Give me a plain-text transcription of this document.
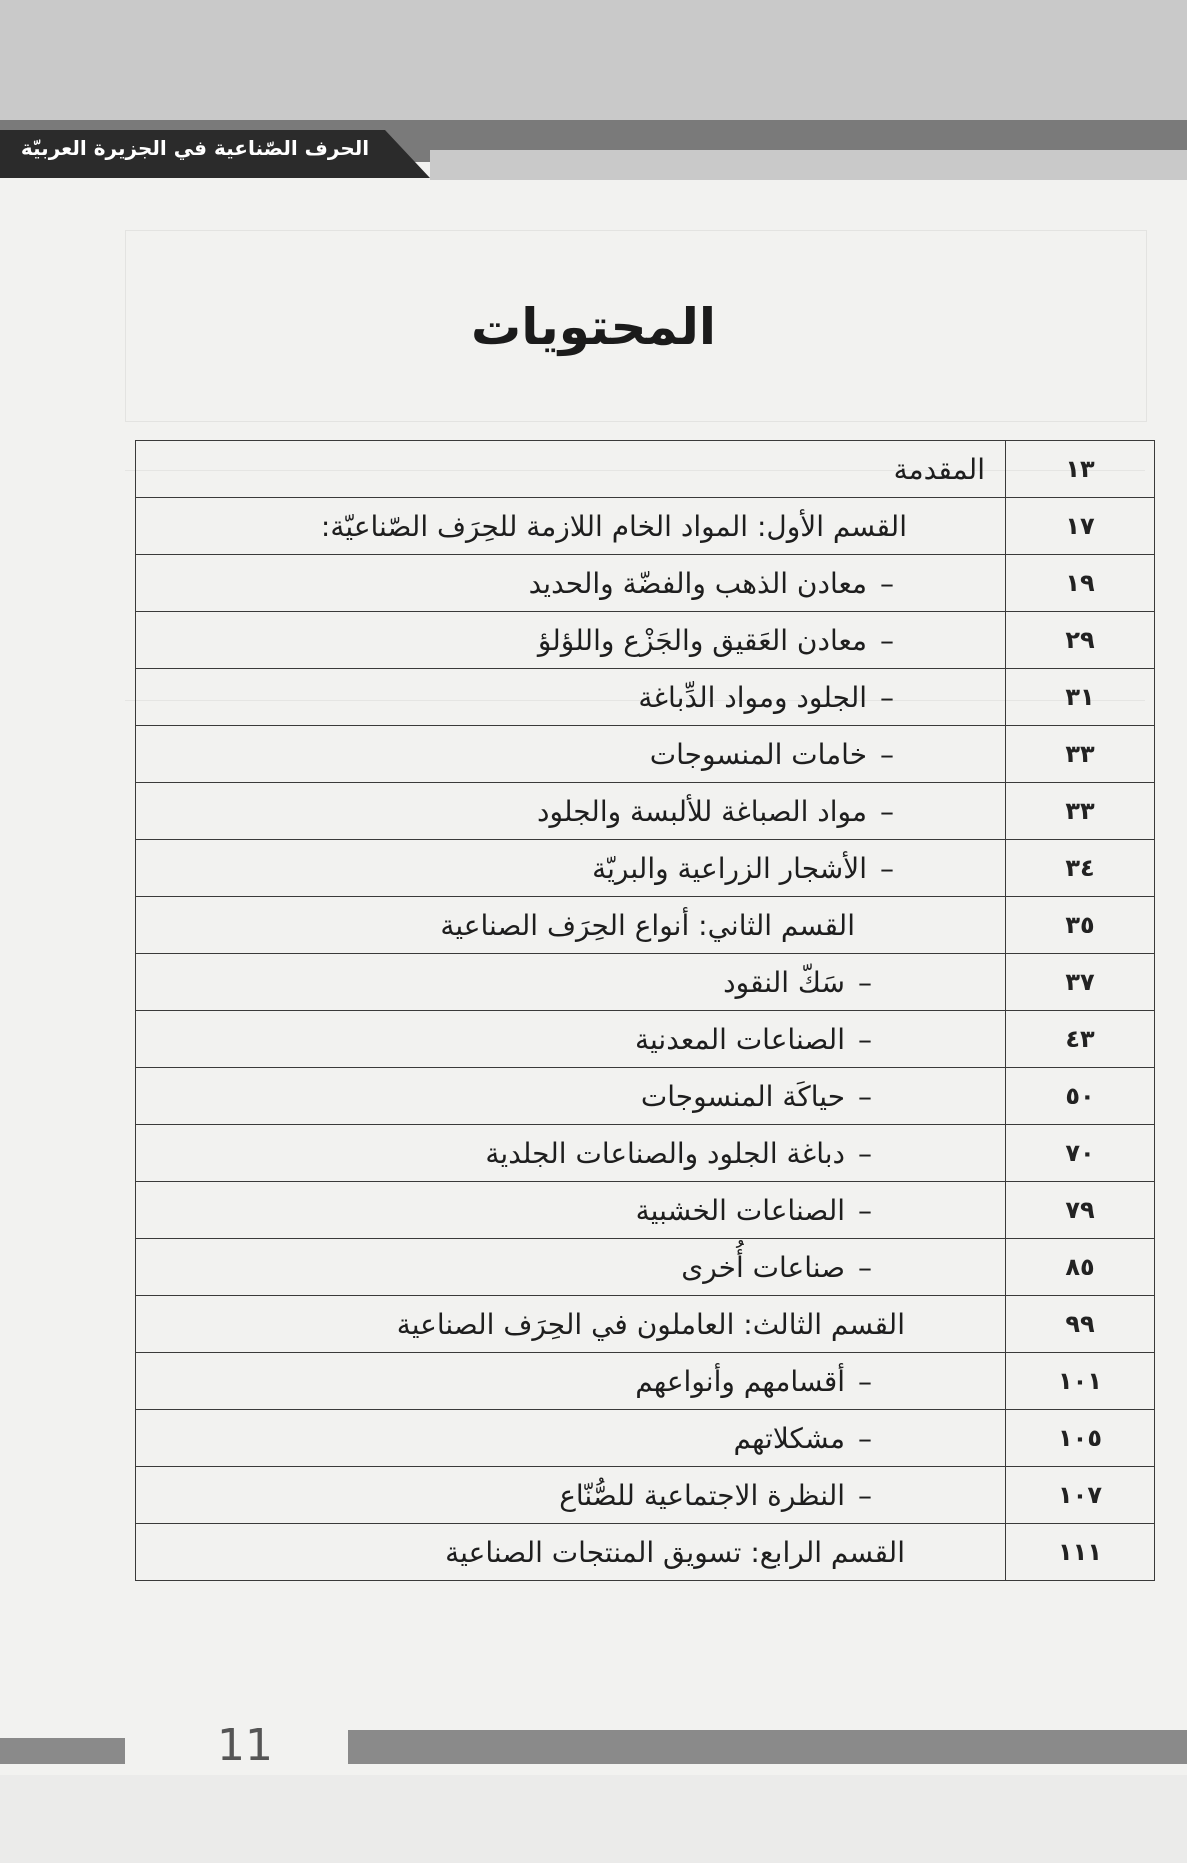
الحرف الصّناعية في الجزيرة العربيّة
المحتويات
المقدمة	١٣
القسم الأول: المواد الخام اللازمة للحِرَف الصّناعيّة:	١٧
–معادن الذهب والفضّة والحديد	١٩
–معادن العَقيق والجَزْع واللؤلؤ	٢٩
–الجلود ومواد الدِّباغة	٣١
–خامات المنسوجات	٣٣
–مواد الصباغة للألبسة والجلود	٣٣
–الأشجار الزراعية والبريّة	٣٤
القسم الثاني: أنواع الحِرَف الصناعية	٣٥
–سَكّ النقود	٣٧
–الصناعات المعدنية	٤٣
–حياكَة المنسوجات	٥٠
–دباغة الجلود والصناعات الجلدية	٧٠
–الصناعات الخشبية	٧٩
–صناعات أُخرى	٨٥
القسم الثالث: العاملون في الحِرَف الصناعية	٩٩
–أقسامهم وأنواعهم	١٠١
–مشكلاتهم	١٠٥
–النظرة الاجتماعية للصُّنّاع	١٠٧
القسم الرابع: تسويق المنتجات الصناعية	١١١
11
